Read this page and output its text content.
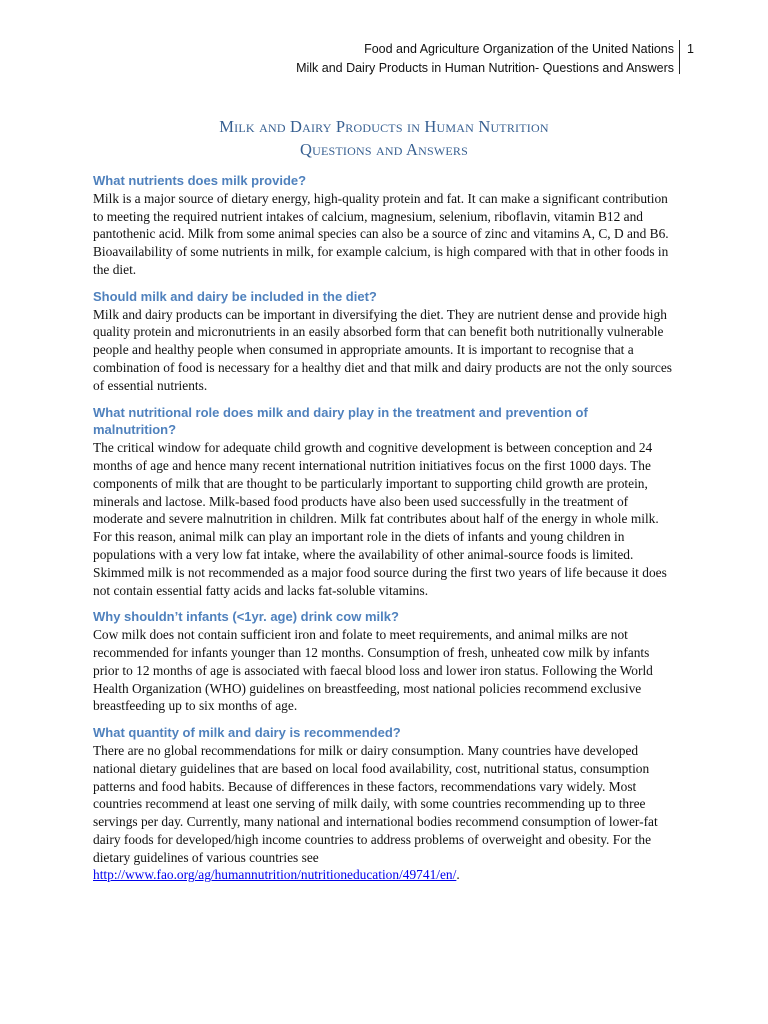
Food and Agriculture Organization of the United Nations
Milk and Dairy Products in Human Nutrition- Questions and Answers
1
Milk and Dairy Products in Human Nutrition
Questions and Answers

What nutrients does milk provide?

Milk is a major source of dietary energy, high-quality protein and fat. It can make a significant contribution to meeting the required nutrient intakes of calcium, magnesium, selenium, riboflavin, vitamin B12 and pantothenic acid. Milk from some animal species can also be a source of zinc and vitamins A, C, D and B6. Bioavailability of some nutrients in milk, for example calcium, is high compared with that in other foods in the diet.

Should milk and dairy be included in the diet?

Milk and dairy products can be important in diversifying the diet. They are nutrient dense and provide high quality protein and micronutrients in an easily absorbed form that can benefit both nutritionally vulnerable people and healthy people when consumed in appropriate amounts. It is important to recognise that a combination of food is necessary for a healthy diet and that milk and dairy products are not the only sources of essential nutrients.

What nutritional role does milk and dairy play in the treatment and prevention of malnutrition?

The critical window for adequate child growth and cognitive development is between conception and 24 months of age and hence many recent international nutrition initiatives focus on the first 1000 days. The components of milk that are thought to be particularly important to supporting child growth are protein, minerals and lactose. Milk-based food products have also been used successfully in the treatment of moderate and severe malnutrition in children. Milk fat contributes about half of the energy in whole milk. For this reason, animal milk can play an important role in the diets of infants and young children in populations with a very low fat intake, where the availability of other animal-source foods is limited. Skimmed milk is not recommended as a major food source during the first two years of life because it does not contain essential fatty acids and lacks fat-soluble vitamins.

Why shouldn’t infants (<1yr. age) drink cow milk?

Cow milk does not contain sufficient iron and folate to meet requirements, and animal milks are not recommended for infants younger than 12 months. Consumption of fresh, unheated cow milk by infants prior to 12 months of age is associated with faecal blood loss and lower iron status. Following the World Health Organization (WHO) guidelines on breastfeeding, most national policies recommend exclusive breastfeeding up to six months of age.

What quantity of milk and dairy is recommended?

There are no global recommendations for milk or dairy consumption. Many countries have developed national dietary guidelines that are based on local food availability, cost, nutritional status, consumption patterns and food habits. Because of differences in these factors, recommendations vary widely. Most countries recommend at least one serving of milk daily, with some countries recommending up to three servings per day. Currently, many national and international bodies recommend consumption of lower-fat dairy foods for developed/high income countries to address problems of overweight and obesity. For the dietary guidelines of various countries see http://www.fao.org/ag/humannutrition/nutritioneducation/49741/en/.
